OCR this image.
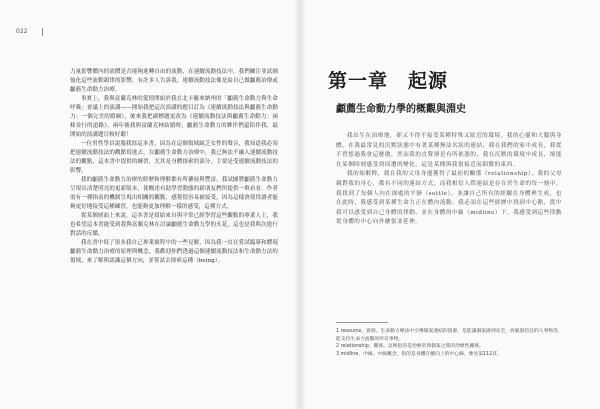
022

力量影響體內的液體是否能夠進轉自由的流動，在連續流動技法中，我們關注並試圖強化這些流動韻律的影響，有許多人告訴我，連續流動技法像是給自己做顱薦治療或顱薦生命動力治療。

事實上，我與富蘭克林的愛情開始於我在北卡羅來納州的「顱薦生命動力與生命呼吸」會議上的演講——開始我把這次演講的題目訂為《連續流動技法與顱薦生命動力：一個完美的婚姻》，後來我把副標題更改為《連續流動技法與顱薦生命動力：兩條並行的道路》。兩年後我與富蘭克林結婚時，顱薦生命動力的夥伴們還陪伴我，最開始的演講題目較好聽！

一位男性學員說服我寫這本書，因為在這個領域缺乏女性的聲音，我知道我必須把連續流動技法的觀點寫進去，在顱薦生命動力治療中，我已無法不融入連續流動技法的觀點，這本書中提供的練習，尤其是身體探索的部分，主要是受連續流動技法的影響。

我的顱薦生命動力治療的經歷和理解都有所擴展與豐富，我試圖將顱薦生命動力呈現出清楚明亮的更新版本，使概述有助學習動態的新朋友們所提供一堆看看，作者需有一種指南的機制呈現出相關的觀點，感覺很容易被接受，因為這樣會使得讀者能夠更好地接受這種練習，也能夠更加理解一樣的感受，這種方式。

從某個層面上來說，這本書是寫給來自與平常已經學習這些觀點的專業人士，我也希望這本書能受到我與富蘭克林在討論顱薦生命動力學的火花，這也是我與次進行對話的反饋。

我在書中寫了很多我自己專業旅程中的一些見解，因為我一直在嘗試臨摹和體現顱薦生命動力治療的原理與概念，我歡迎你們透過這個連續流動技法和生命動力法的領域，來了解與認識這個方向，並嘗試去探索這種（being）。

第一章　起源
顱薦生命動力學的概觀與淵史

我出生在治療地，卻又不得不接受某種特殊又貼近的環境。我的心靈和大腦與身體，在我最常見的沉默狀態中有著某種無法名狀的連結，我在我們的家中成長，我從不曾想過我會這麼做，然而我的直覺卻是有所依憑的，我在沉默的環境中成長，卻能在某個時刻感受到周遭的變化，這是某種與我很接近而細微的東西。

我的始解釋，我在我的父母身邊獲得了最初的關係（relationship），我的父母親對我的身心，都有不同的連結方式，而我相信人際連結是存在於生命的每一刻中。我找到了每個人內在深處的平靜（settle），並讓自己所有的經驗在身體裡生成，也在此時，我感受到某種生命力正在體內流動。我必須在這些經歷中找到中心點，從中我可以感受到自己身體的律動，並在身體的中線（midline）下，我感受到這些律動從身體的中心向外擴張並延伸。

1 resource，資源。生命動力療法中引導個案連結的資源，是能讓個案感到安全、放鬆與信任的人事物等，能支持生命力流動的所有事物。
2 relationship，關係。這裡指的是治療者與個案之間的治療性關係。
3 midline，中線。中線概念，指的是身體在縱向上的中心線，參見第112頁。
